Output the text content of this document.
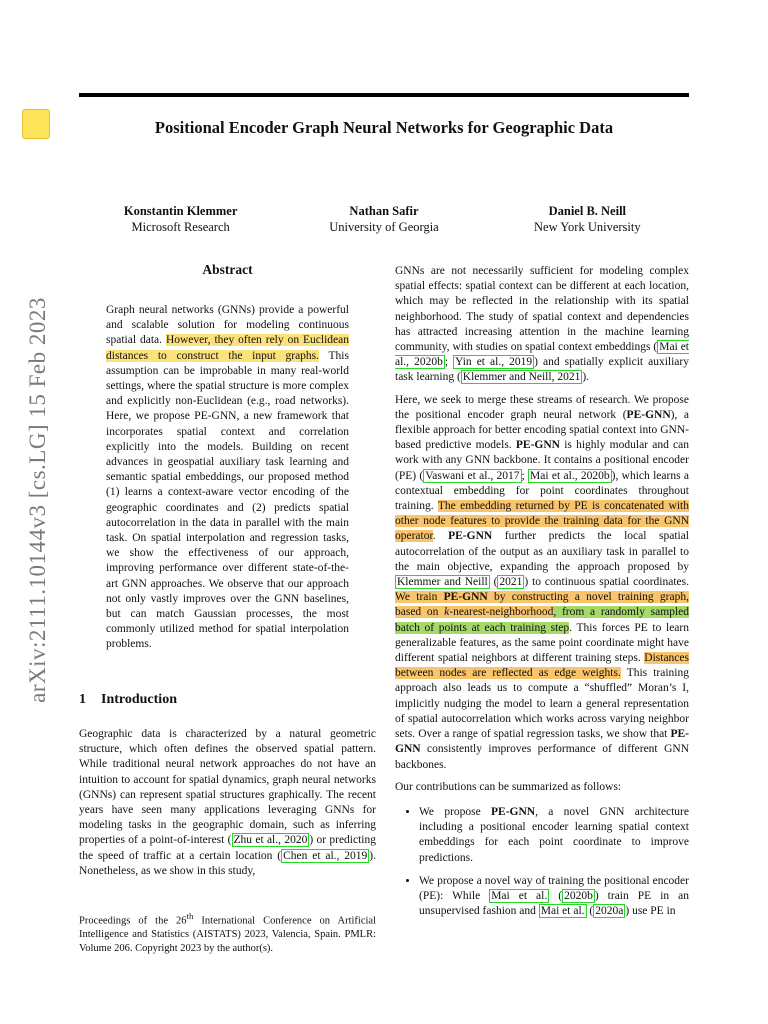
arXiv:2111.10144v3 [cs.LG] 15 Feb 2023
Positional Encoder Graph Neural Networks for Geographic Data
Konstantin Klemmer
Microsoft Research
Nathan Safir
University of Georgia
Daniel B. Neill
New York University
Abstract

Graph neural networks (GNNs) provide a powerful and scalable solution for modeling continuous spatial data. However, they often rely on Euclidean distances to construct the input graphs. This assumption can be improbable in many real-world settings, where the spatial structure is more complex and explicitly non-Euclidean (e.g., road networks). Here, we propose PE-GNN, a new framework that incorporates spatial context and correlation explicitly into the models. Building on recent advances in geospatial auxiliary task learning and semantic spatial embeddings, our proposed method (1) learns a context-aware vector encoding of the geographic coordinates and (2) predicts spatial autocorrelation in the data in parallel with the main task. On spatial interpolation and regression tasks, we show the effectiveness of our approach, improving performance over different state-of-the-art GNN approaches. We observe that our approach not only vastly improves over the GNN baselines, but can match Gaussian processes, the most commonly utilized method for spatial interpolation problems.

1 Introduction

Geographic data is characterized by a natural geometric structure, which often defines the observed spatial pattern. While traditional neural network approaches do not have an intuition to account for spatial dynamics, graph neural networks (GNNs) can represent spatial structures graphically. The recent years have seen many applications leveraging GNNs for modeling tasks in the geographic domain, such as inferring properties of a point-of-interest ( Zhu et al., 2020 ) or predicting the speed of traffic at a certain location ( Chen et al., 2019 ). Nonetheless, as we show in this study,

Proceedings of the 26th International Conference on Artificial Intelligence and Statistics (AISTATS) 2023, Valencia, Spain. PMLR: Volume 206. Copyright 2023 by the author(s).

GNNs are not necessarily sufficient for modeling complex spatial effects: spatial context can be different at each location, which may be reflected in the relationship with its spatial neighborhood. The study of spatial context and dependencies has attracted increasing attention in the machine learning community, with studies on spatial context embeddings ( Mai et al., 2020b ; Yin et al., 2019 ) and spatially explicit auxiliary task learning ( Klemmer and Neill, 2021 ).

Here, we seek to merge these streams of research. We propose the positional encoder graph neural network (PE-GNN), a flexible approach for better encoding spatial context into GNN-based predictive models. PE-GNN is highly modular and can work with any GNN backbone. It contains a positional encoder (PE) ( Vaswani et al., 2017 ; Mai et al., 2020b ), which learns a contextual embedding for point coordinates throughout training. The embedding returned by PE is concatenated with other node features to provide the training data for the GNN operator. PE-GNN further predicts the local spatial autocorrelation of the output as an auxiliary task in parallel to the main objective, expanding the approach proposed by Klemmer and Neill ( 2021 ) to continuous spatial coordinates. We train PE-GNN by constructing a novel training graph, based on k-nearest-neighborhood, from a randomly sampled batch of points at each training step. This forces PE to learn generalizable features, as the same point coordinate might have different spatial neighbors at different training steps. Distances between nodes are reflected as edge weights. This training approach also leads us to compute a “shuffled” Moran’s I, implicitly nudging the model to learn a general representation of spatial autocorrelation which works across varying neighbor sets. Over a range of spatial regression tasks, we show that PE-GNN consistently improves performance of different GNN backbones.

Our contributions can be summarized as follows:

• We propose PE-GNN, a novel GNN architecture including a positional encoder learning spatial context embeddings for each point coordinate to improve predictions.
• We propose a novel way of training the positional encoder (PE): While Mai et al. ( 2020b ) train PE in an unsupervised fashion and Mai et al. ( 2020a ) use PE in
